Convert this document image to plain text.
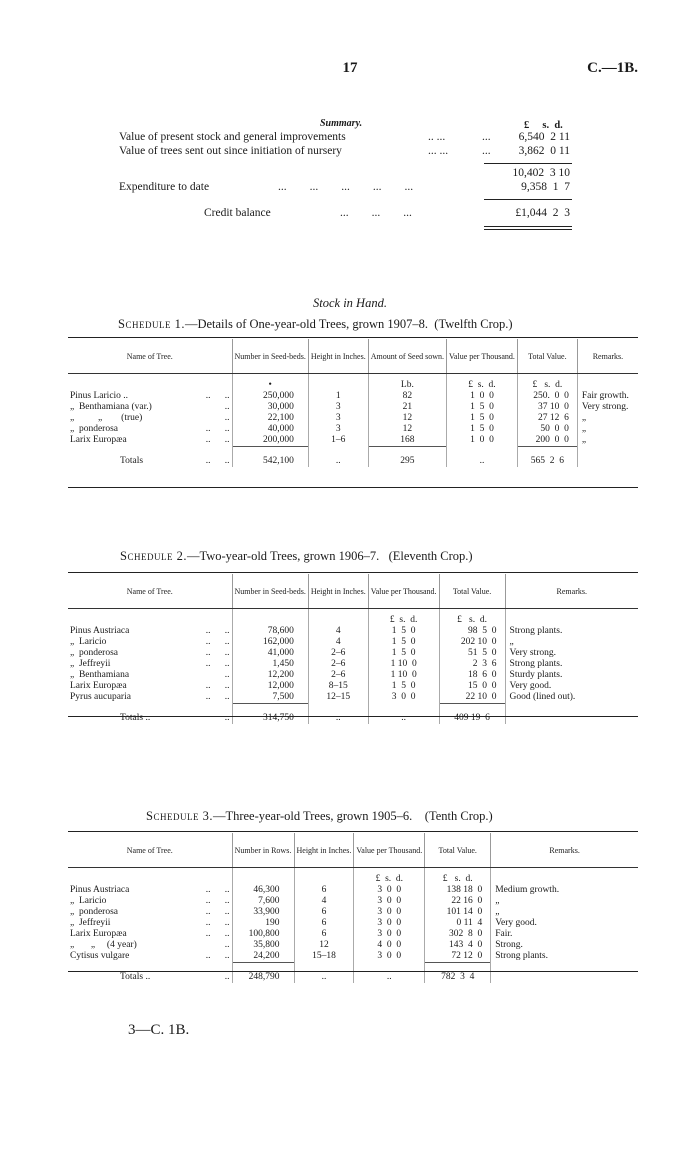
17	C.—1B.
Summary.	£     s.  d.
Value of present stock and general improvements	.. ...	6,540  2 11
...
Value of trees sent out since initiation of nursery	... ...	3,862  0 11
...
10,402  3 10
Expenditure to date	...        ...        ...        ...        ...	9,358  1  7
Credit balance	...        ...        ...	£1,044  2  3
Stock in Hand.
Schedule 1.—Details of One-year-old Trees, grown 1907–8.  (Twelfth Crop.)
Name of Tree.	Number in Seed-beds.	Height in Inches.	Amount of Seed sown.	Value per Thousand.	Total Value.	Remarks.
	•		Lb.	£  s.  d.	£   s.  d.	
Pinus Laricio .. ..      ..	250,000	1	82	1  0  0	250.  0  0	Fair growth.
„  Benthamiana (var.) ..	30,000	3	21	1  5  0	37 10  0	Very strong.
„          „        (true) ..	22,100	3	12	1  5  0	27 12  6	„
„  ponderosa ..      ..	40,000	3	12	1  5  0	50  0  0	„
Larix Europæa ..      ..	200,000	1–6	168	1  0  0	200  0  0	„
Totals ..      ..	542,100	..	295	..	565  2  6	
Schedule 2.—Two-year-old Trees, grown 1906–7.   (Eleventh Crop.)
Name of Tree.	Number in Seed-beds.	Height in Inches.	Value per Thousand.	Total Value.	Remarks.
			£  s.  d.	£   s.  d.	
Pinus Austriaca ..      ..	78,600	4	1  5  0	98  5  0	Strong plants.
„  Laricio ..      ..	162,000	4	1  5  0	202 10  0	„
„  ponderosa ..      ..	41,000	2–6	1  5  0	51  5  0	Very strong.
„  Jeffreyii ..      ..	1,450	2–6	1 10  0	2  3  6	Strong plants.
„  Benthamiana ..	12,200	2–6	1 10  0	18  6  0	Sturdy plants.
Larix Europæa ..      ..	12,000	8–15	1  5  0	15  0  0	Very good.
Pyrus aucuparia ..      ..	7,500	12–15	3  0  0	22 10  0	Good (lined out).
Totals .. ..	314,750	..	..	409 19  6	
Schedule 3.—Three-year-old Trees, grown 1905–6.    (Tenth Crop.)
Name of Tree.	Number in Rows.	Height in Inches.	Value per Thousand.	Total Value.	Remarks.
			£  s.  d.	£   s.  d.	
Pinus Austriaca ..      ..	46,300	6	3  0  0	138 18  0	Medium growth.
„  Laricio ..      ..	7,600	4	3  0  0	22 16  0	„
„  ponderosa ..      ..	33,900	6	3  0  0	101 14  0	„
„  Jeffreyii ..      ..	190	6	3  0  0	0 11  4	Very good.
Larix Europæa ..      ..	100,800	6	3  0  0	302  8  0	Fair.
„       „     (4 year) ..	35,800	12	4  0  0	143  4  0	Strong.
Cytisus vulgare ..      ..	24,200	15–18	3  0  0	72 12  0	Strong plants.
Totals .. ..	248,790	..	..	782  3  4	
3—C. 1B.
